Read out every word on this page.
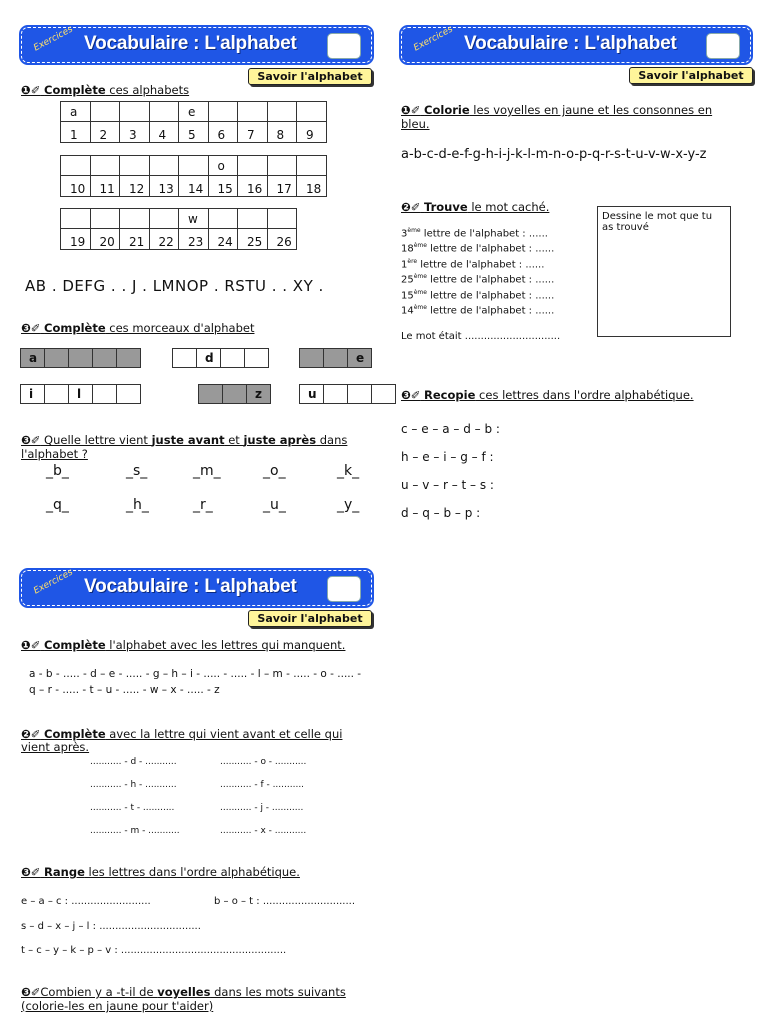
Exercices Vocabulaire : L'alphabet
Savoir l'alphabet
❶✐ Complète ces alphabets
a				e				
1	2	3	4	5	6	7	8	9
					o			
10	11	12	13	14	15	16	17	18
				w			
19	20	21	22	23	24	25	26
AB . DEFG . . J . LMNOP . RSTU . . XY .
❸✐ Complète ces morceaux d'alphabet
a	d	e
i	l	z	u
❸✐ Quelle lettre vient juste avant et juste après dans
l'alphabet ?
_b_	_s_	_m_	_o_	_k_
_q_	_h_	_r_	_u_	_y_
Exercices Vocabulaire : L'alphabet
Savoir l'alphabet
❶✐ Colorie les voyelles en jaune et les consonnes en
bleu.
a-b-c-d-e-f-g-h-i-j-k-l-m-n-o-p-q-r-s-t-u-v-w-x-y-z
❷✐ Trouve le mot caché.
3ème lettre de l'alphabet : ......
18ème lettre de l'alphabet : ......
1ère lettre de l'alphabet : ......
25ème lettre de l'alphabet : ......
15ème lettre de l'alphabet : ......
14ème lettre de l'alphabet : ......
Dessine le mot que tu as trouvé
Le mot était ..............................
❸✐ Recopie ces lettres dans l'ordre alphabétique.
c – e – a – d – b :
h – e – i – g – f :
u – v – r – t – s :
d – q – b – p :
Exercices Vocabulaire : L'alphabet
Savoir l'alphabet
❶✐ Complète l'alphabet avec les lettres qui manquent.
a - b - ..... - d – e - ..... - g – h – i - ..... - ..... - l – m - ..... - o - ..... -
q – r - ..... - t – u - ..... - w – x - ..... - z
❷✐ Complète avec la lettre qui vient avant et celle qui
vient après.
........... - d - ...........	........... - o - ...........
........... - h - ...........	........... - f - ...........
........... - t - ...........	........... - j - ...........
........... - m - ...........	........... - x - ...........
❸✐ Range les lettres dans l'ordre alphabétique.
e – a – c : .........................	b – o – t : .............................
s – d – x – j – l : ................................
t – c – y – k – p – v : ....................................................
❸✐Combien y a -t-il de voyelles dans les mots suivants
(colorie-les en jaune pour t'aider)
